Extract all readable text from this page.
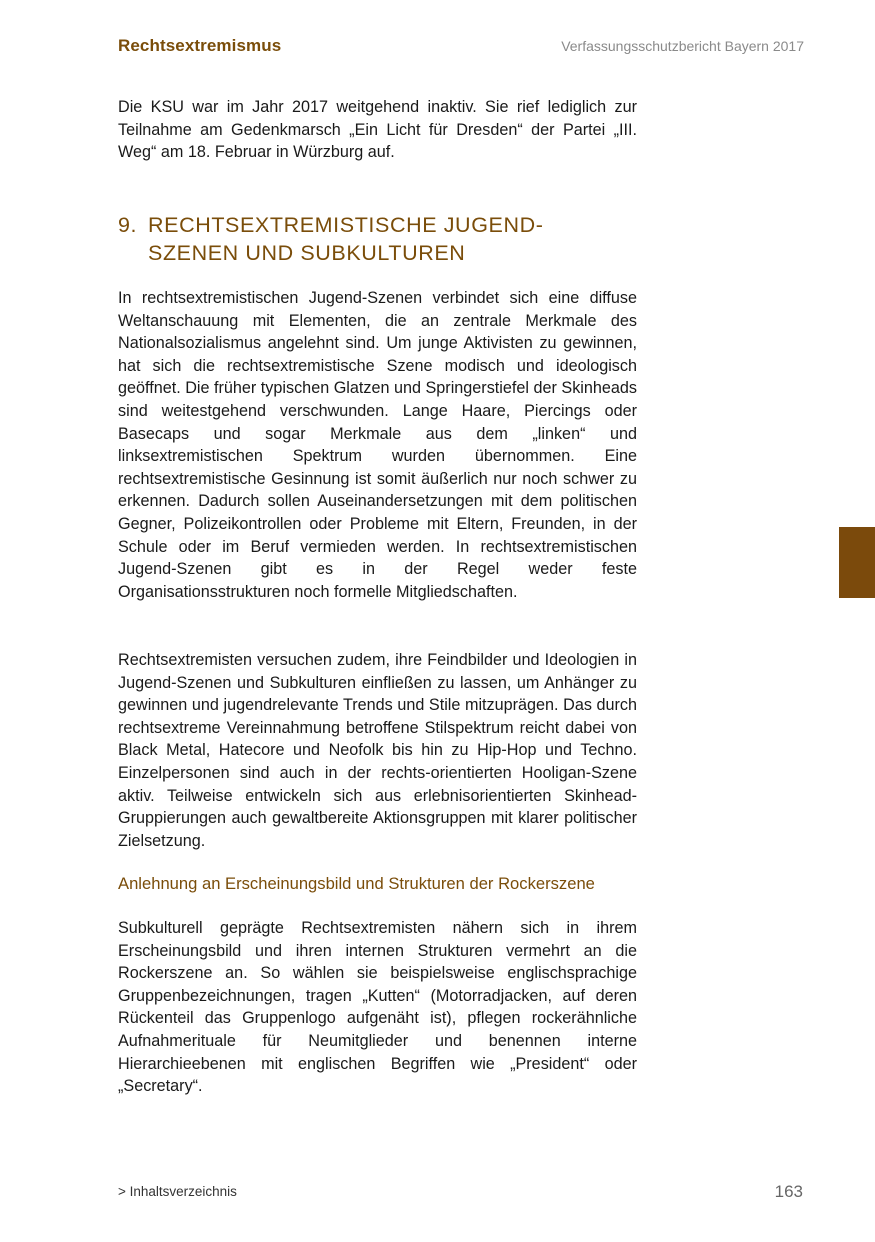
Rechtsextremismus	Verfassungsschutzbericht Bayern 2017

Die KSU war im Jahr 2017 weitgehend inaktiv. Sie rief lediglich zur Teilnahme am Gedenkmarsch „Ein Licht für Dresden“ der Partei „III. Weg“ am 18. Februar in Würzburg auf.

9. RECHTSEXTREMISTISCHE JUGEND-
SZENEN UND SUBKULTUREN

In rechtsextremistischen Jugend-Szenen verbindet sich eine diffuse Weltanschauung mit Elementen, die an zentrale Merkmale des Nationalsozialismus angelehnt sind. Um junge Aktivisten zu gewinnen, hat sich die rechtsextremistische Szene modisch und ideologisch geöffnet. Die früher typischen Glatzen und Springerstiefel der Skinheads sind weitestgehend verschwunden. Lange Haare, Piercings oder Basecaps und sogar Merkmale aus dem „linken“ und linksextremistischen Spektrum wurden übernommen. Eine rechtsextremistische Gesinnung ist somit äußerlich nur noch schwer zu erkennen. Dadurch sollen Auseinandersetzungen mit dem politischen Gegner, Polizeikontrollen oder Probleme mit Eltern, Freunden, in der Schule oder im Beruf vermieden werden. In rechtsextremistischen Jugend-Szenen gibt es in der Regel weder feste Organisationsstrukturen noch formelle Mitgliedschaften.

Rechtsextremisten versuchen zudem, ihre Feindbilder und Ideologien in Jugend-Szenen und Subkulturen einfließen zu lassen, um Anhänger zu gewinnen und jugendrelevante Trends und Stile mitzuprägen. Das durch rechtsextreme Vereinnahmung betroffene Stilspektrum reicht dabei von Black Metal, Hatecore und Neofolk bis hin zu Hip-Hop und Techno. Einzelpersonen sind auch in der rechts-orientierten Hooligan-Szene aktiv. Teilweise entwickeln sich aus erlebnisorientierten Skinhead-Gruppierungen auch gewaltbereite Aktionsgruppen mit klarer politischer Zielsetzung.

Anlehnung an Erscheinungsbild und Strukturen der Rockerszene

Subkulturell geprägte Rechtsextremisten nähern sich in ihrem Erscheinungsbild und ihren internen Strukturen vermehrt an die Rockerszene an. So wählen sie beispielsweise englischsprachige Gruppenbezeichnungen, tragen „Kutten“ (Motorradjacken, auf deren Rückenteil das Gruppenlogo aufgenäht ist), pflegen rockerähnliche Aufnahmerituale für Neumitglieder und benennen interne Hierarchieebenen mit englischen Begriffen wie „President“ oder „Secretary“.

> Inhaltsverzeichnis	163
